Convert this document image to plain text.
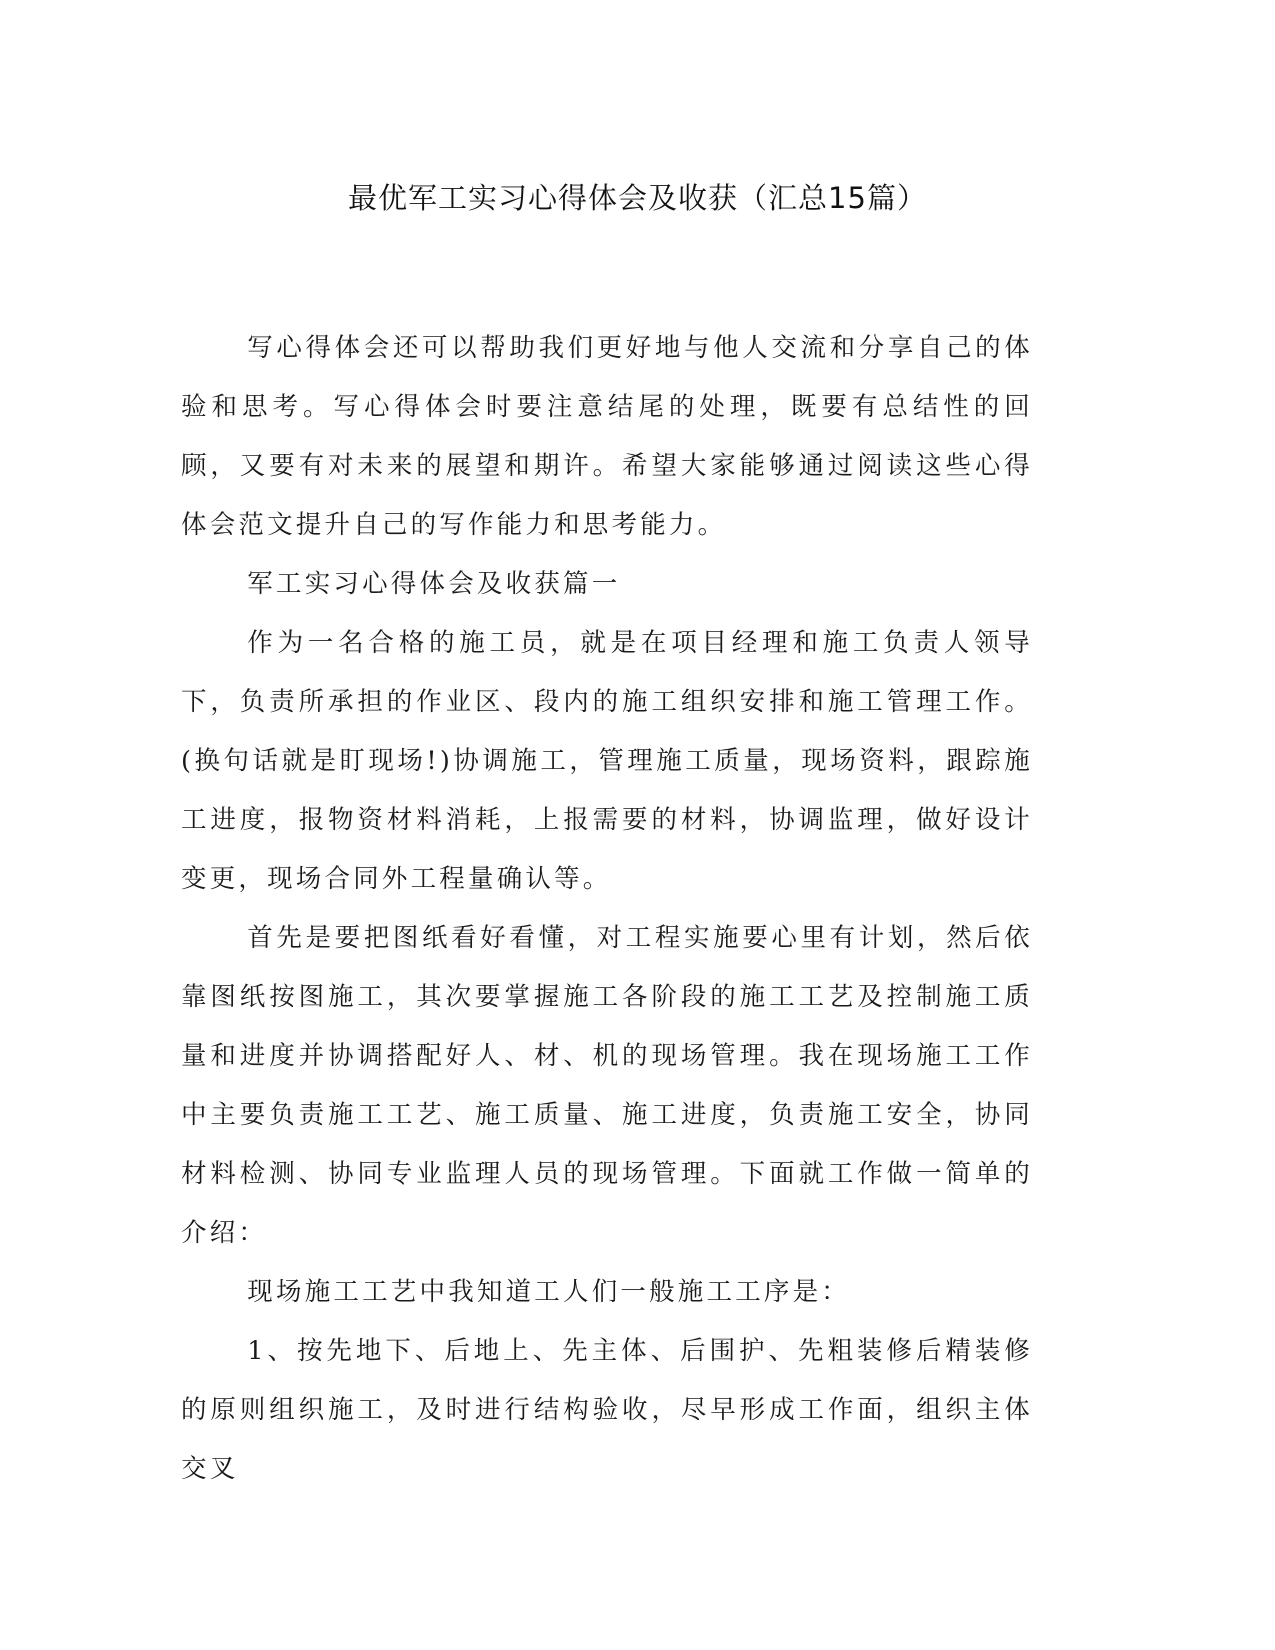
最优军工实习心得体会及收获（汇总15篇）

写心得体会还可以帮助我们更好地与他人交流和分享自己的体验和思考。写心得体会时要注意结尾的处理，既要有总结性的回顾，又要有对未来的展望和期许。希望大家能够通过阅读这些心得体会范文提升自己的写作能力和思考能力。

军工实习心得体会及收获篇一

作为一名合格的施工员，就是在项目经理和施工负责人领导下，负责所承担的作业区、段内的施工组织安排和施工管理工作。(换句话就是盯现场!)协调施工，管理施工质量，现场资料，跟踪施工进度，报物资材料消耗，上报需要的材料，协调监理，做好设计变更，现场合同外工程量确认等。

首先是要把图纸看好看懂，对工程实施要心里有计划，然后依靠图纸按图施工，其次要掌握施工各阶段的施工工艺及控制施工质量和进度并协调搭配好人、材、机的现场管理。我在现场施工工作中主要负责施工工艺、施工质量、施工进度，负责施工安全，协同材料检测、协同专业监理人员的现场管理。下面就工作做一简单的介绍：

现场施工工艺中我知道工人们一般施工工序是：

1、按先地下、后地上、先主体、后围护、先粗装修后精装修的原则组织施工，及时进行结构验收，尽早形成工作面，组织主体交叉
